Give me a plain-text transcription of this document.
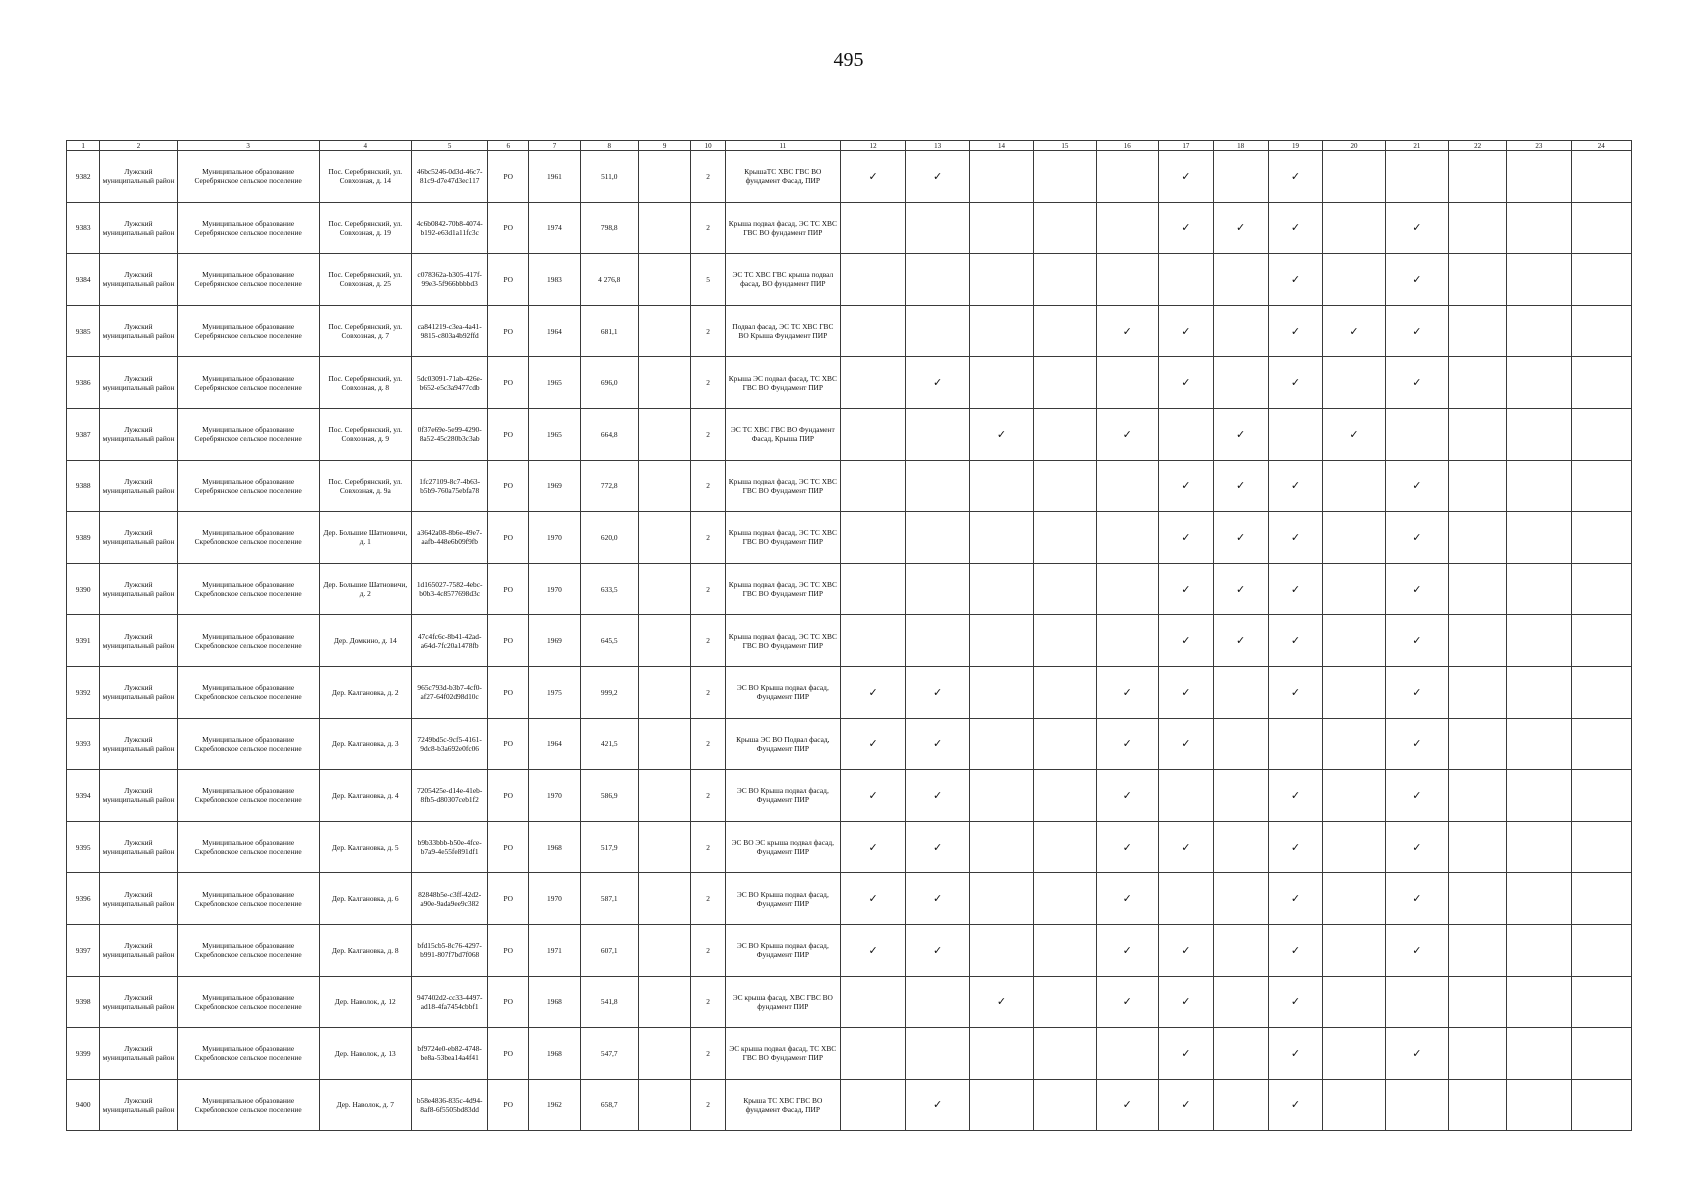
495
1	2	3	4	5	6	7	8	9	10	11	12	13	14	15	16	17	18	19	20	21	22	23	24
9382	Лужский муниципальный район	Муниципальное образование Серебрянское сельское поселение	Пос. Серебрянский, ул. Совхозная, д. 14	46bc5246-0d3d-46c7-81c9-d7e47d3ec117	РО	1961	511,0		2	КрышаТС ХВС ГВС ВО фундамент Фасад, ПИР	✓	✓				✓		✓					
9383	Лужский муниципальный район	Муниципальное образование Серебрянское сельское поселение	Пос. Серебрянский, ул. Совхозная, д. 19	4c6b0842-70b8-4074-b192-e63d1a11fc3c	РО	1974	798,8		2	Крыша подвал фасад, ЭС ТС ХВС ГВС ВО фундамент ПИР						✓	✓	✓		✓			
9384	Лужский муниципальный район	Муниципальное образование Серебрянское сельское поселение	Пос. Серебрянский, ул. Совхозная, д. 25	c078362a-b305-417f-99e3-5f966bbbbd3	РО	1983	4 276,8		5	ЭС ТС ХВС ГВС крыша подвал фасад, ВО фундамент ПИР								✓		✓			
9385	Лужский муниципальный район	Муниципальное образование Серебрянское сельское поселение	Пос. Серебрянский, ул. Совхозная, д. 7	ca841219-c3ea-4a41-9815-c803a4b92ffd	РО	1964	681,1		2	Подвал фасад, ЭС ТС ХВС ГВС ВО Крыша Фундамент ПИР					✓	✓		✓	✓	✓			
9386	Лужский муниципальный район	Муниципальное образование Серебрянское сельское поселение	Пос. Серебрянский, ул. Совхозная, д. 8	5dc03091-71ab-426e-b652-e5c3a9477cdb	РО	1965	696,0		2	Крыша ЭС подвал фасад, ТС ХВС ГВС ВО Фундамент ПИР		✓				✓		✓		✓			
9387	Лужский муниципальный район	Муниципальное образование Серебрянское сельское поселение	Пос. Серебрянский, ул. Совхозная, д. 9	0f37e69e-5e99-4290-8a52-45c280b3c3ab	РО	1965	664,8		2	ЭС ТС ХВС ГВС ВО Фундамент Фасад, Крыша ПИР			✓		✓		✓		✓				
9388	Лужский муниципальный район	Муниципальное образование Серебрянское сельское поселение	Пос. Серебрянский, ул. Совхозная, д. 9а	1fc27109-8c7-4b63-b5b9-760a75ebfa78	РО	1969	772,8		2	Крыша подвал фасад, ЭС ТС ХВС ГВС ВО Фундамент ПИР						✓	✓	✓		✓			
9389	Лужский муниципальный район	Муниципальное образование Скребловское сельское поселение	Дер. Большие Шатновичи, д. 1	a3642a08-8b6e-49e7-aafb-448e6b09f9fb	РО	1970	620,0		2	Крыша подвал фасад, ЭС ТС ХВС ГВС ВО Фундамент ПИР						✓	✓	✓		✓			
9390	Лужский муниципальный район	Муниципальное образование Скребловское сельское поселение	Дер. Большие Шатновичи, д. 2	1d165027-7582-4ebc-b0b3-4c8577698d3c	РО	1970	633,5		2	Крыша подвал фасад, ЭС ТС ХВС ГВС ВО Фундамент ПИР						✓	✓	✓		✓			
9391	Лужский муниципальный район	Муниципальное образование Скребловское сельское поселение	Дер. Домкино, д. 14	47c4fc6c-8b41-42ad-a64d-7fc20a1478fb	РО	1969	645,5		2	Крыша подвал фасад, ЭС ТС ХВС ГВС ВО Фундамент ПИР						✓	✓	✓		✓			
9392	Лужский муниципальный район	Муниципальное образование Скребловское сельское поселение	Дер. Калгановка, д. 2	965c793d-b3b7-4cf0-af27-64f02d98d10c	РО	1975	999,2		2	ЭС ВО Крыша подвал фасад, Фундамент ПИР	✓	✓			✓	✓		✓		✓			
9393	Лужский муниципальный район	Муниципальное образование Скребловское сельское поселение	Дер. Калгановка, д. 3	7249bd5c-9cf5-4161-9dc8-b3a692e0fc06	РО	1964	421,5		2	Крыша ЭС ВО Подвал фасад, Фундамент ПИР	✓	✓			✓	✓				✓			
9394	Лужский муниципальный район	Муниципальное образование Скребловское сельское поселение	Дер. Калгановка, д. 4	7205425e-d14e-41eb-8fb5-d80307ceb1f2	РО	1970	586,9		2	ЭС ВО Крыша подвал фасад, Фундамент ПИР	✓	✓			✓			✓		✓			
9395	Лужский муниципальный район	Муниципальное образование Скребловское сельское поселение	Дер. Калгановка, д. 5	b9b33bbb-b50e-4fce-b7a9-4e55fe891df1	РО	1968	517,9		2	ЭС ВО ЭС крыша подвал фасад, Фундамент ПИР	✓	✓			✓	✓		✓		✓			
9396	Лужский муниципальный район	Муниципальное образование Скребловское сельское поселение	Дер. Калгановка, д. 6	82848b5e-c3ff-42d2-a90e-9ada9ee9c382	РО	1970	587,1		2	ЭС ВО Крыша подвал фасад, Фундамент ПИР	✓	✓			✓			✓		✓			
9397	Лужский муниципальный район	Муниципальное образование Скребловское сельское поселение	Дер. Калгановка, д. 8	bfd15cb5-8c76-4297-b991-807f7bd7f068	РО	1971	607,1		2	ЭС ВО Крыша подвал фасад, Фундамент ПИР	✓	✓			✓	✓		✓		✓			
9398	Лужский муниципальный район	Муниципальное образование Скребловское сельское поселение	Дер. Наволок, д. 12	947402d2-cc33-4497-ad18-4fa7454cbbf1	РО	1968	541,8		2	ЭС крыша фасад, ХВС ГВС ВО фундамент ПИР			✓		✓	✓		✓					
9399	Лужский муниципальный район	Муниципальное образование Скребловское сельское поселение	Дер. Наволок, д. 13	bf9724e0-eb82-4748-be8a-53bea14a4f41	РО	1968	547,7		2	ЭС крыша подвал фасад, ТС ХВС ГВС ВО Фундамент ПИР						✓		✓		✓			
9400	Лужский муниципальный район	Муниципальное образование Скребловское сельское поселение	Дер. Наволок, д. 7	b58e4836-835c-4d94-8af8-6f5505bd83dd	РО	1962	658,7		2	Крыша ТС ХВС ГВС ВО фундамент Фасад, ПИР		✓			✓	✓		✓					
